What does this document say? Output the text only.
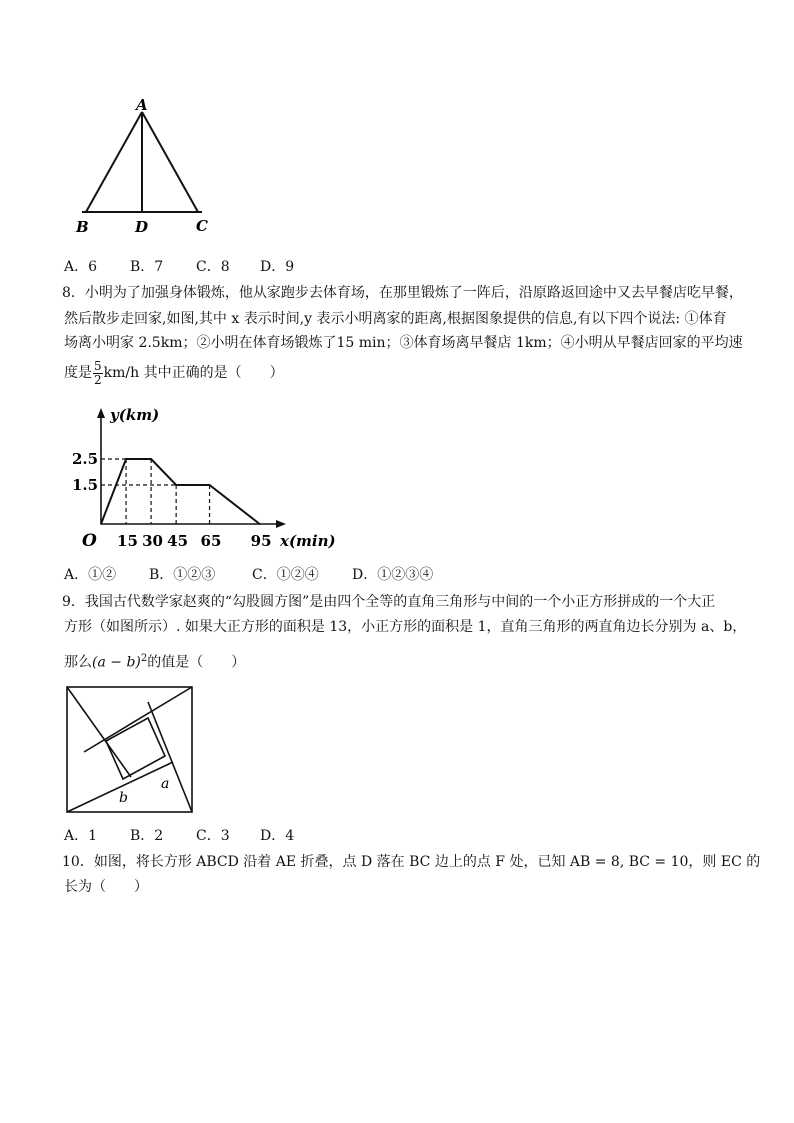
A
B	D	C
A．6 B．7 C．8 D．9
8．小明为了加强身体锻炼，他从家跑步去体育场，在那里锻炼了一阵后，沿原路返回途中又去早餐店吃早餐，
然后散步走回家,如图,其中 x 表示时间,y 表示小明离家的距离,根据图象提供的信息,有以下四个说法: ①体育
场离小明家 2.5km；②小明在体育场锻炼了15 min；③体育场离早餐店 1km；④小明从早餐店回家的平均速
度是 $\frac{5}{2} km/h$ 其中正确的是（　　）
15 30 45 65 95
2.5
1.5
O	x(min)
y(km)
A．①② B．①②③	C．①②④ D．①②③④
9．我国古代数学家赵爽的“勾股圆方图”是由四个全等的直角三角形与中间的一个小正方形拼成的一个大正
方形（如图所示）. 如果大正方形的面积是 13，小正方形的面积是 1，直角三角形的两直角边长分别为 a、b，
那么$(a - b)^2$的值是（　　）
b
a
A．1 B．2 C．3 D．4
10．如图，将长方形 ABCD 沿着 AE 折叠，点 D 落在 BC 边上的点 F 处，已知 AB = 8, BC = 10，则 EC 的
长为（　　）
